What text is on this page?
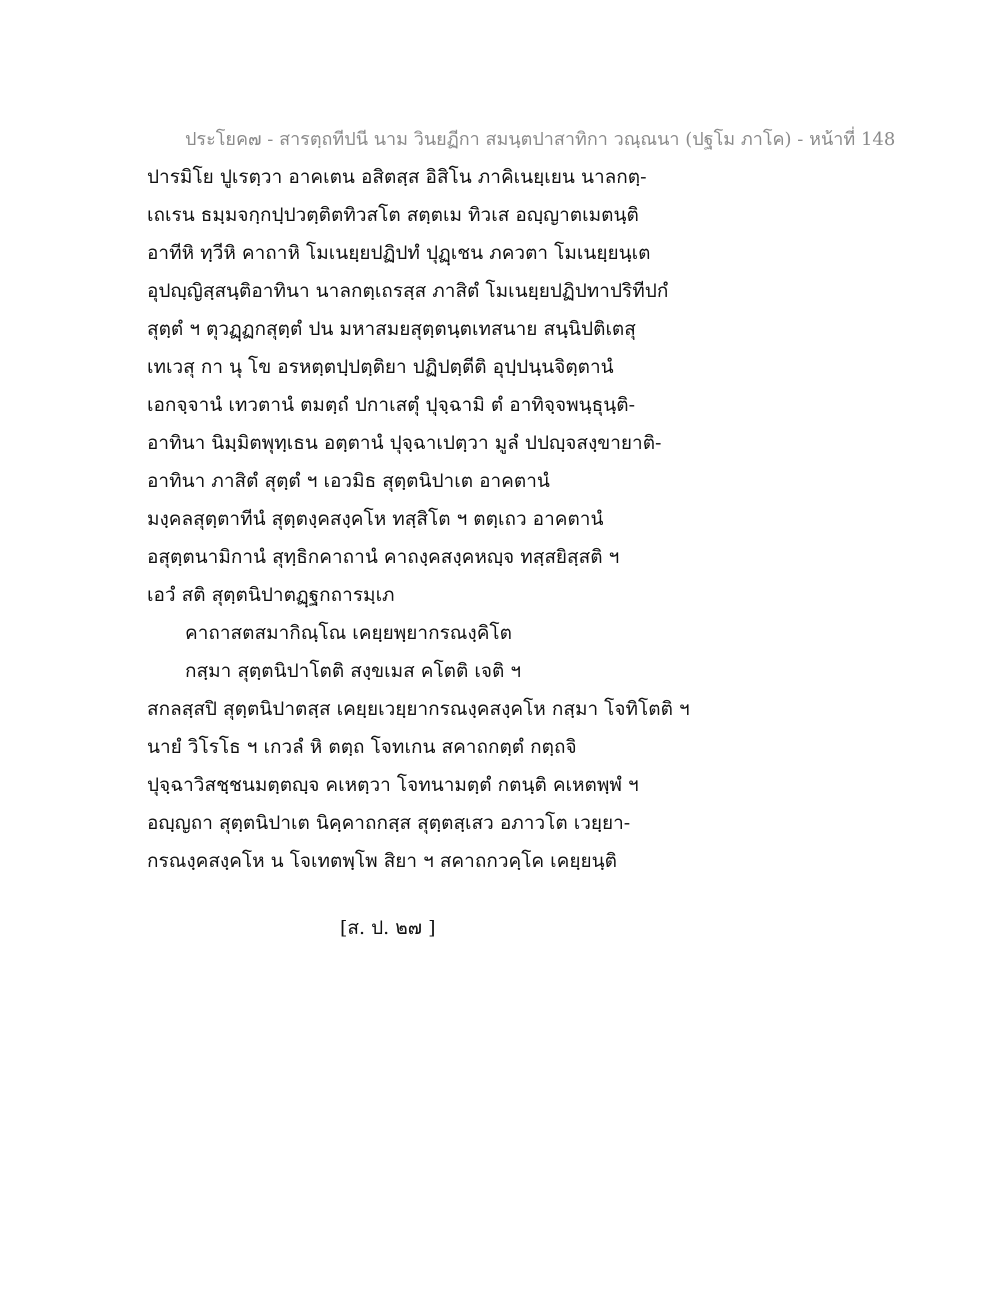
ประโยค๗ - สารตฺถทีปนี นาม วินยฏีกา สมนฺตปาสาทิกา วณฺณนา (ปฐโม ภาโค) - หน้าที่ 148
ปารมิโย ปูเรตฺวา อาคเตน อสิตสฺส อิสิโน ภาคิเนยฺเยน นาลกตฺ-
เถเรน ธมฺมจกฺกปฺปวตฺติตทิวสโต สตฺตเม ทิวเส อญฺญาตเมตนฺติ
อาทีหิ ทฺวีหิ คาถาหิ โมเนยฺยปฏิปทํ ปุฏฺเชน ภควตา โมเนยฺยนฺเต
อุปญฺญิสฺสนฺติอาทินา นาลกตฺเถรสฺส ภาสิตํ โมเนยฺยปฏิปทาปริทีปกํ
สุตฺตํ ฯ ตุวฏฺฏกสุตฺตํ ปน มหาสมยสุตฺตนฺตเทสนาย สนฺนิปติเตสุ
เทเวสุ กา นุ โข อรหตฺตปฺปตฺติยา ปฏิปตฺตีติ อุปฺปนฺนจิตฺตานํ
เอกจฺจานํ เทวตานํ ตมตฺถํ ปกาเสตุํ ปุจฺฉามิ ตํ อาทิจฺจพนฺธุนฺติ-
อาทินา นิมฺมิตพุทฺเธน อตฺตานํ ปุจฺฉาเปตฺวา มูลํ ปปญฺจสงฺขายาติ-
อาทินา ภาสิตํ สุตฺตํ ฯ เอวมิธ สุตฺตนิปาเต อาคตานํ
มงฺคลสุตฺตาทีนํ สุตฺตงฺคสงฺคโห ทสฺสิโต ฯ ตตฺเถว อาคตานํ
อสุตฺตนามิกานํ สุทฺธิกคาถานํ คาถงฺคสงฺคหญฺจ ทสฺสยิสฺสติ ฯ
เอวํ สติ สุตฺตนิปาตฏฺฐกถารมฺเภ
คาถาสตสมากิณฺโณ เคยฺยพฺยากรณงฺคิโต
กสฺมา สุตฺตนิปาโตติ สงฺขเมส คโตติ เจติ ฯ
สกลสฺสปิ สุตฺตนิปาตสฺส เคยฺยเวยฺยากรณงฺคสงฺคโห กสฺมา โจทิโตติ ฯ
นายํ วิโรโธ ฯ เกวลํ หิ ตตฺถ โจทเกน สคาถกตฺตํ กตฺถจิ
ปุจฺฉาวิสชฺชนมตฺตญฺจ คเหตฺวา โจทนามตฺตํ กตนฺติ คเหตพฺพํ ฯ
อญฺญถา สุตฺตนิปาเต นิคฺคาถกสฺส สุตฺตสฺเสว อภาวโต เวยฺยา-
กรณงฺคสงฺคโห น โจเทตพฺโพ สิยา ฯ สคาถกวคฺโค เคยฺยนฺติ
[ส. ป. ๒๗ ]
